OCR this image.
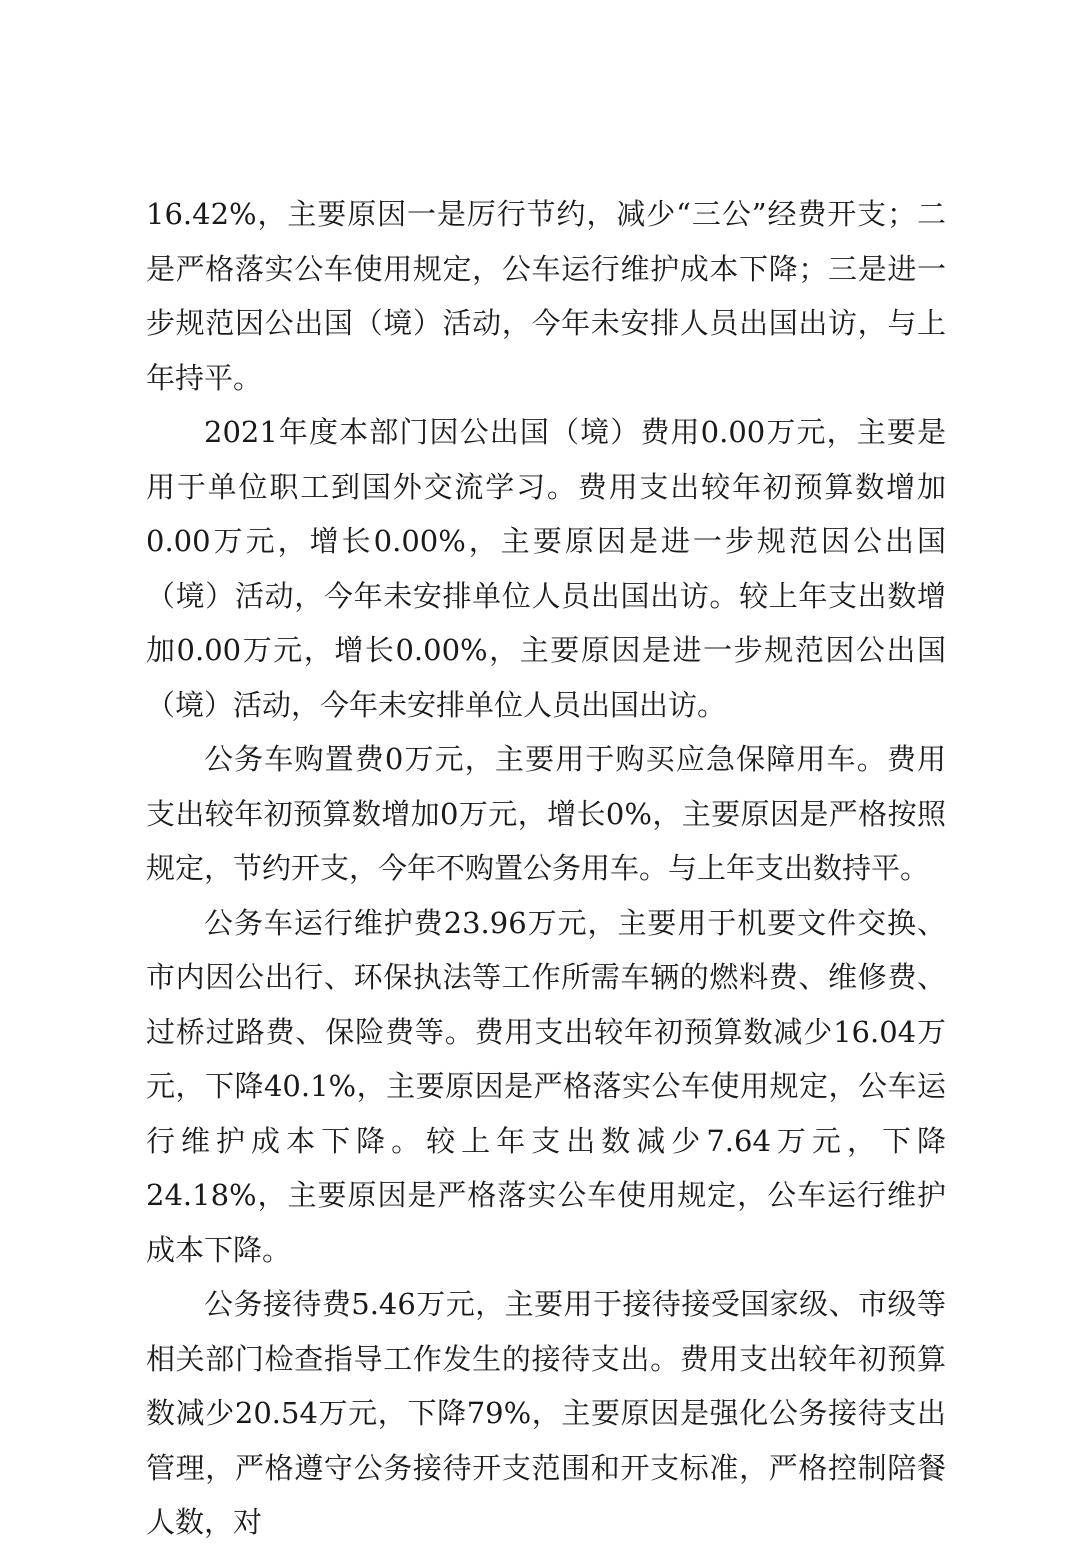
16.42%，主要原因一是厉行节约，减少“三公”经费开支；二是严格落实公车使用规定，公车运行维护成本下降；三是进一步规范因公出国（境）活动，今年未安排人员出国出访，与上年持平。

2021年度本部门因公出国（境）费用0.00万元，主要是用于单位职工到国外交流学习。费用支出较年初预算数增加0.00万元，增长0.00%，主要原因是进一步规范因公出国（境）活动，今年未安排单位人员出国出访。较上年支出数增加0.00万元，增长0.00%，主要原因是进一步规范因公出国（境）活动，今年未安排单位人员出国出访。

公务车购置费0万元，主要用于购买应急保障用车。费用支出较年初预算数增加0万元，增长0%，主要原因是严格按照规定，节约开支，今年不购置公务用车。与上年支出数持平。

公务车运行维护费23.96万元，主要用于机要文件交换、市内因公出行、环保执法等工作所需车辆的燃料费、维修费、过桥过路费、保险费等。费用支出较年初预算数减少16.04万元，下降40.1%，主要原因是严格落实公车使用规定，公车运行维护成本下降。较上年支出数减少7.64万元，下降24.18%，主要原因是严格落实公车使用规定，公车运行维护成本下降。

公务接待费5.46万元，主要用于接待接受国家级、市级等相关部门检查指导工作发生的接待支出。费用支出较年初预算数减少20.54万元，下降79%，主要原因是强化公务接待支出管理，严格遵守公务接待开支范围和开支标准，严格控制陪餐人数，对
